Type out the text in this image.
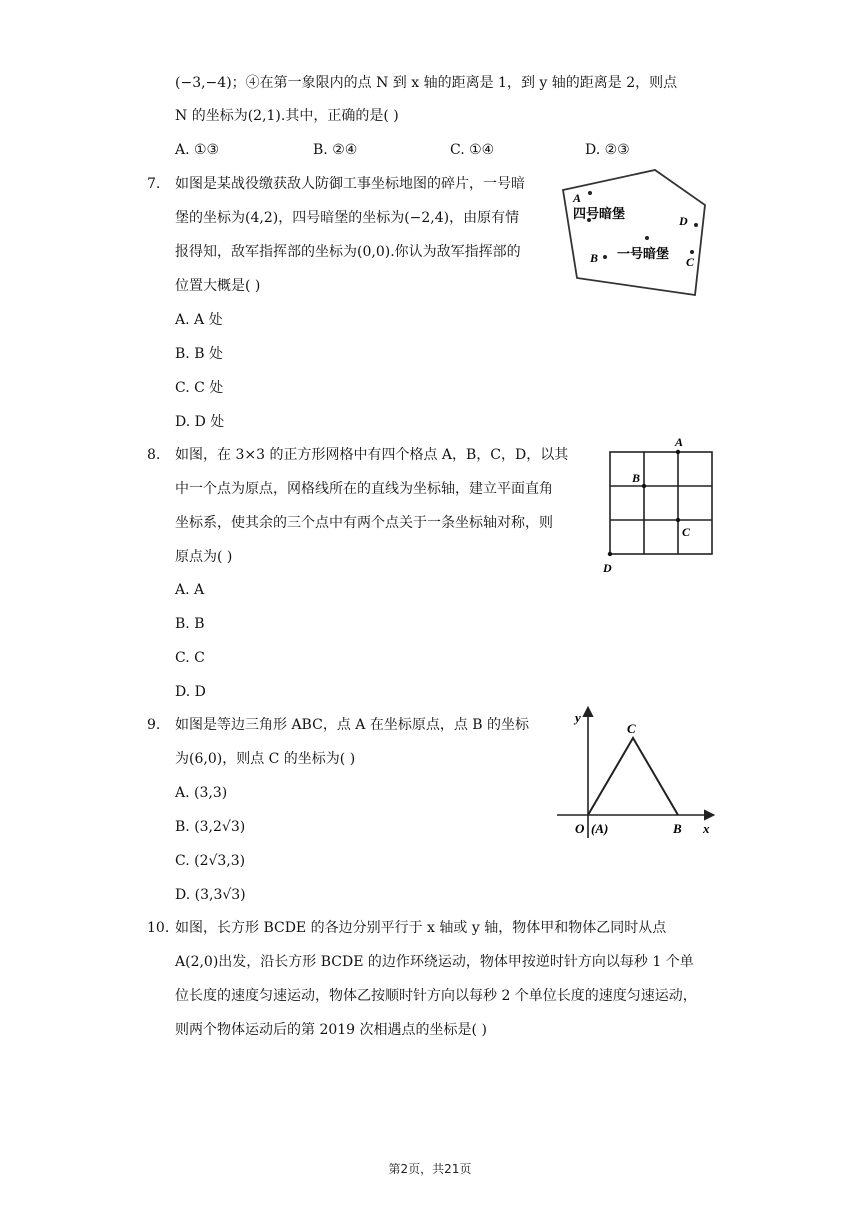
(−3,−4)；④在第一象限内的点 N 到 x 轴的距离是 1，到 y 轴的距离是 2，则点
N 的坐标为(2,1).其中，正确的是( )
A. ①③	B. ②④	C. ①④	D. ②③
7. 如图是某战役缴获敌人防御工事坐标地图的碎片，一号暗
堡的坐标为(4,2)，四号暗堡的坐标为(−2,4)，由原有情
报得知，敌军指挥部的坐标为(0,0).你认为敌军指挥部的
位置大概是( )
A. A 处
B. B 处
C. C 处
D. D 处
A
四号暗堡	D
一号暗堡
B	C
8. 如图，在 3×3 的正方形网格中有四个格点 A，B，C，D，以其
中一个点为原点，网格线所在的直线为坐标轴，建立平面直角
坐标系，使其余的三个点中有两个点关于一条坐标轴对称，则
原点为( )
A. A
B. B
C. C
D. D
A
B
C
D
9. 如图是等边三角形 ABC，点 A 在坐标原点，点 B 的坐标
为(6,0)，则点 C 的坐标为( )
A. (3,3)
B. (3,2√3)
C. (2√3,3)
D. (3,3√3)
y
x
C
O (A)	B
10. 如图，长方形 BCDE 的各边分别平行于 x 轴或 y 轴，物体甲和物体乙同时从点
A(2,0)出发，沿长方形 BCDE 的边作环绕运动，物体甲按逆时针方向以每秒 1 个单
位长度的速度匀速运动，物体乙按顺时针方向以每秒 2 个单位长度的速度匀速运动，
则两个物体运动后的第 2019 次相遇点的坐标是( )
第2页，共21页
